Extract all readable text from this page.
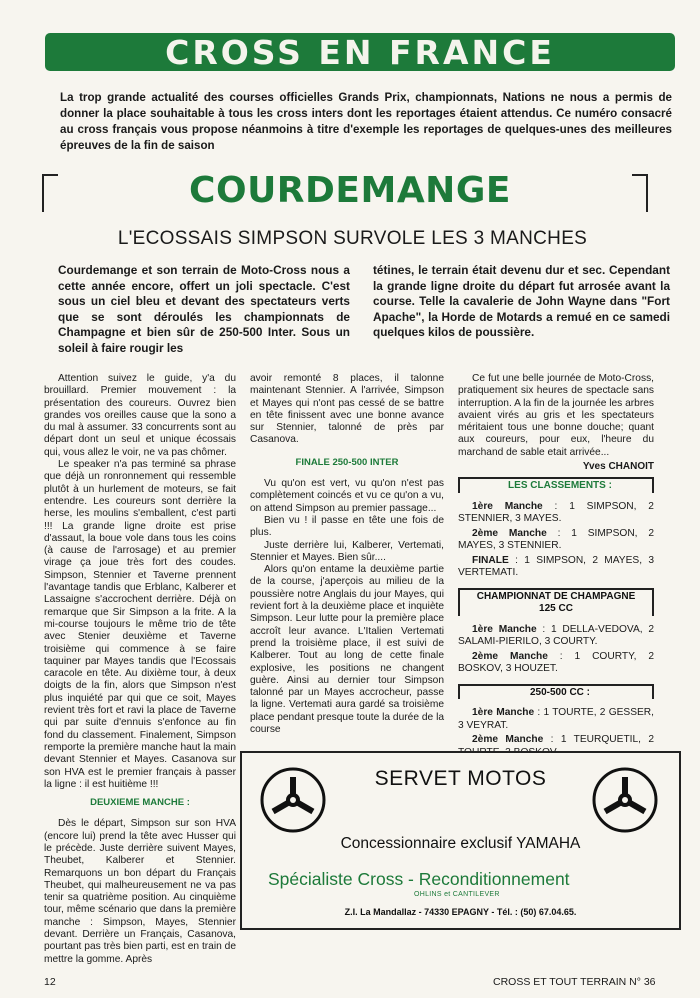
CROSS EN FRANCE
La trop grande actualité des courses officielles Grands Prix, championnats, Nations ne nous a permis de donner la place souhaitable à tous les cross inters dont les reportages étaient attendus. Ce numéro consacré au cross français vous propose néanmoins à titre d'exemple les reportages de quelques-unes des meilleures épreuves de la fin de saison
COURDEMANGE
L'ECOSSAIS SIMPSON SURVOLE LES 3 MANCHES
Courdemange et son terrain de Moto-Cross nous a cette année encore, offert un joli spectacle. C'est sous un ciel bleu et devant des spectateurs verts que se sont déroulés les championnats de Champagne et bien sûr de 250-500 Inter. Sous un soleil à faire rougir les
tétines, le terrain était devenu dur et sec. Cependant la grande ligne droite du départ fut arrosée avant la course. Telle la cavalerie de John Wayne dans "Fort Apache", la Horde de Motards a remué en ce samedi quelques kilos de poussière.

Attention suivez le guide, y'a du brouillard. Premier mouvement : la présentation des coureurs. Ouvrez bien grandes vos oreilles cause que la sono a du mal à assumer. 33 concurrents sont au départ dont un seul et unique écossais qui, vous allez le voir, ne va pas chômer.

Le speaker n'a pas terminé sa phrase que déjà un ronronnement qui ressemble plutôt à un hurlement de moteurs, se fait entendre. Les coureurs sont derrière la herse, les moulins s'emballent, c'est parti !!! La grande ligne droite est prise d'assaut, la boue vole dans tous les coins (à cause de l'arrosage) et au premier virage ça joue très fort des coudes. Simpson, Stennier et Taverne prennent l'avantage tandis que Erblanc, Kalberer et Lassaigne s'accrochent derrière. Déjà on remarque que Sir Simpson a la frite. A la mi-course toujours le même trio de tête avec Stenier deuxième et Taverne troisième qui commence à se faire taquiner par Mayes tandis que l'Ecossais caracole en tête. Au dixième tour, à deux doigts de la fin, alors que Simpson n'est plus inquiété par qui que ce soit, Mayes revient très fort et ravi la place de Taverne qui par suite d'ennuis s'enfonce au fin fond du classement. Finalement, Simpson remporte la première manche haut la main devant Stennier et Mayes. Casanova sur son HVA est le premier français à passer la ligne : il est huitième !!!

DEUXIEME MANCHE :

Dès le départ, Simpson sur son HVA (encore lui) prend la tête avec Husser qui le précède. Juste derrière suivent Mayes, Theubet, Kalberer et Stennier. Remarquons un bon départ du Français Theubet, qui malheureusement ne va pas tenir sa quatrième position. Au cinquième tour, même scénario que dans la première manche : Simpson, Mayes, Stennier devant. Derrière un Français, Casanova, pourtant pas très bien parti, est en train de mettre la gomme. Après

avoir remonté 8 places, il talonne maintenant Stennier. A l'arrivée, Simpson et Mayes qui n'ont pas cessé de se battre en tête finissent avec une bonne avance sur Stennier, talonné de près par Casanova.

FINALE 250-500 INTER

Vu qu'on est vert, vu qu'on n'est pas complètement coincés et vu ce qu'on a vu, on attend Simpson au premier passage...

Bien vu ! il passe en tête une fois de plus.

Juste derrière lui, Kalberer, Vertemati, Stennier et Mayes. Bien sûr....

Alors qu'on entame la deuxième partie de la course, j'aperçois au milieu de la poussière notre Anglais du jour Mayes, qui revient fort à la deuxième place et inquiète Simpson. Leur lutte pour la première place accroît leur avance. L'Italien Vertemati prend la troisième place, il est suivi de Kalberer. Tout au long de cette finale explosive, les positions ne changent guère. Ainsi au dernier tour Simpson talonné par un Mayes accrocheur, passe la ligne. Vertemati aura gardé sa troisième place pendant presque toute la durée de la course

Ce fut une belle journée de Moto-Cross, pratiquement six heures de spectacle sans interruption. A la fin de la journée les arbres avaient virés au gris et les spectateurs méritaient tous une bonne douche; quant aux coureurs, pour eux, l'heure du marchand de sable etait arrivée...

Yves CHANOIT
LES CLASSEMENTS :

1ère Manche : 1 SIMPSON, 2 STENNIER, 3 MAYES.

2ème Manche : 1 SIMPSON, 2 MAYES, 3 STENNIER.

FINALE : 1 SIMPSON, 2 MAYES, 3 VERTEMATI.

CHAMPIONNAT DE CHAMPAGNE
125 CC

1ère Manche : 1 DELLA-VEDOVA, 2 SALAMI-PIERILO, 3 COURTY.

2ème Manche : 1 COURTY, 2 BOSKOV, 3 HOUZET.

250-500 CC :

1ère Manche : 1 TOURTE, 2 GESSER, 3 VEYRAT.

2ème Manche : 1 TEURQUETIL, 2

SERVET MOTOS
Concessionnaire exclusif YAMAHA
Spécialiste Cross - Reconditionnement
OHLINS et CANTILEVER
Z.I. La Mandallaz - 74330 EPAGNY - Tél. : (50) 67.04.65.
12	CROSS ET TOUT TERRAIN N° 36
